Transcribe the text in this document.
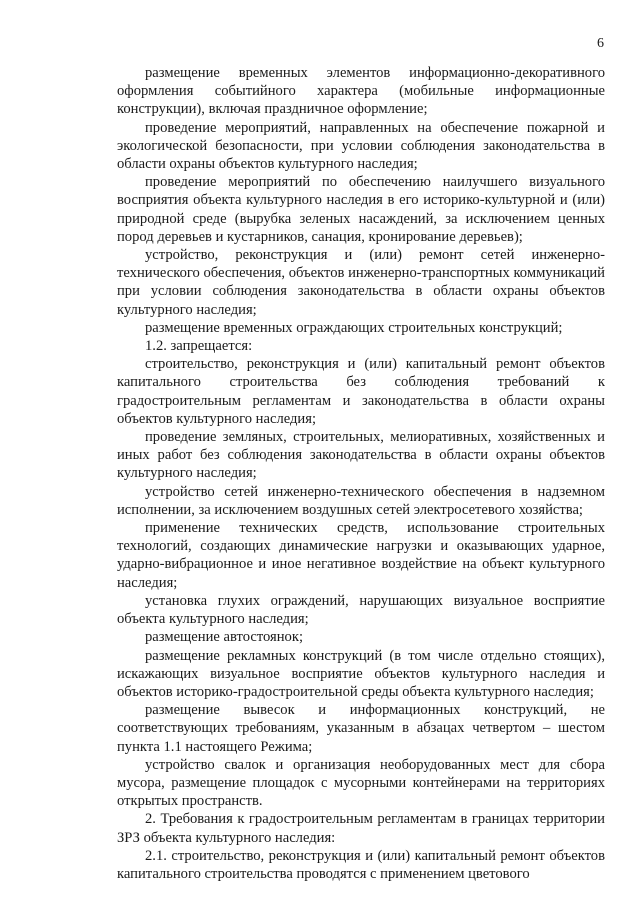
6

размещение временных элементов информационно-декоративного оформления событийного характера (мобильные информационные конструкции), включая праздничное оформление;

проведение мероприятий, направленных на обеспечение пожарной и экологической безопасности, при условии соблюдения законодательства в области охраны объектов культурного наследия;

проведение мероприятий по обеспечению наилучшего визуального восприятия объекта культурного наследия в его историко-культурной и (или) природной среде (вырубка зеленых насаждений, за исключением ценных пород деревьев и кустарников, санация, кронирование деревьев);

устройство, реконструкция и (или) ремонт сетей инженерно-технического обеспечения, объектов инженерно-транспортных коммуникаций при условии соблюдения законодательства в области охраны объектов культурного наследия;

размещение временных ограждающих строительных конструкций;

1.2. запрещается:

строительство, реконструкция и (или) капитальный ремонт объектов капитального строительства без соблюдения требований к градостроительным регламентам и законодательства в области охраны объектов культурного наследия;

проведение земляных, строительных, мелиоративных, хозяйственных и иных работ без соблюдения законодательства в области охраны объектов культурного наследия;

устройство сетей инженерно-технического обеспечения в надземном исполнении, за исключением воздушных сетей электросетевого хозяйства;

применение технических средств, использование строительных технологий, создающих динамические нагрузки и оказывающих ударное, ударно-вибрационное и иное негативное воздействие на объект культурного наследия;

установка глухих ограждений, нарушающих визуальное восприятие объекта культурного наследия;

размещение автостоянок;

размещение рекламных конструкций (в том числе отдельно стоящих), искажающих визуальное восприятие объектов культурного наследия и объектов историко-градостроительной среды объекта культурного наследия;

размещение вывесок и информационных конструкций, не соответствующих требованиям, указанным в абзацах четвертом – шестом пункта 1.1 настоящего Режима;

устройство свалок и организация необорудованных мест для сбора мусора, размещение площадок с мусорными контейнерами на территориях открытых пространств.

2. Требования к градостроительным регламентам в границах территории ЗРЗ объекта культурного наследия:

2.1. строительство, реконструкция и (или) капитальный ремонт объектов капитального строительства проводятся с применением цветового
